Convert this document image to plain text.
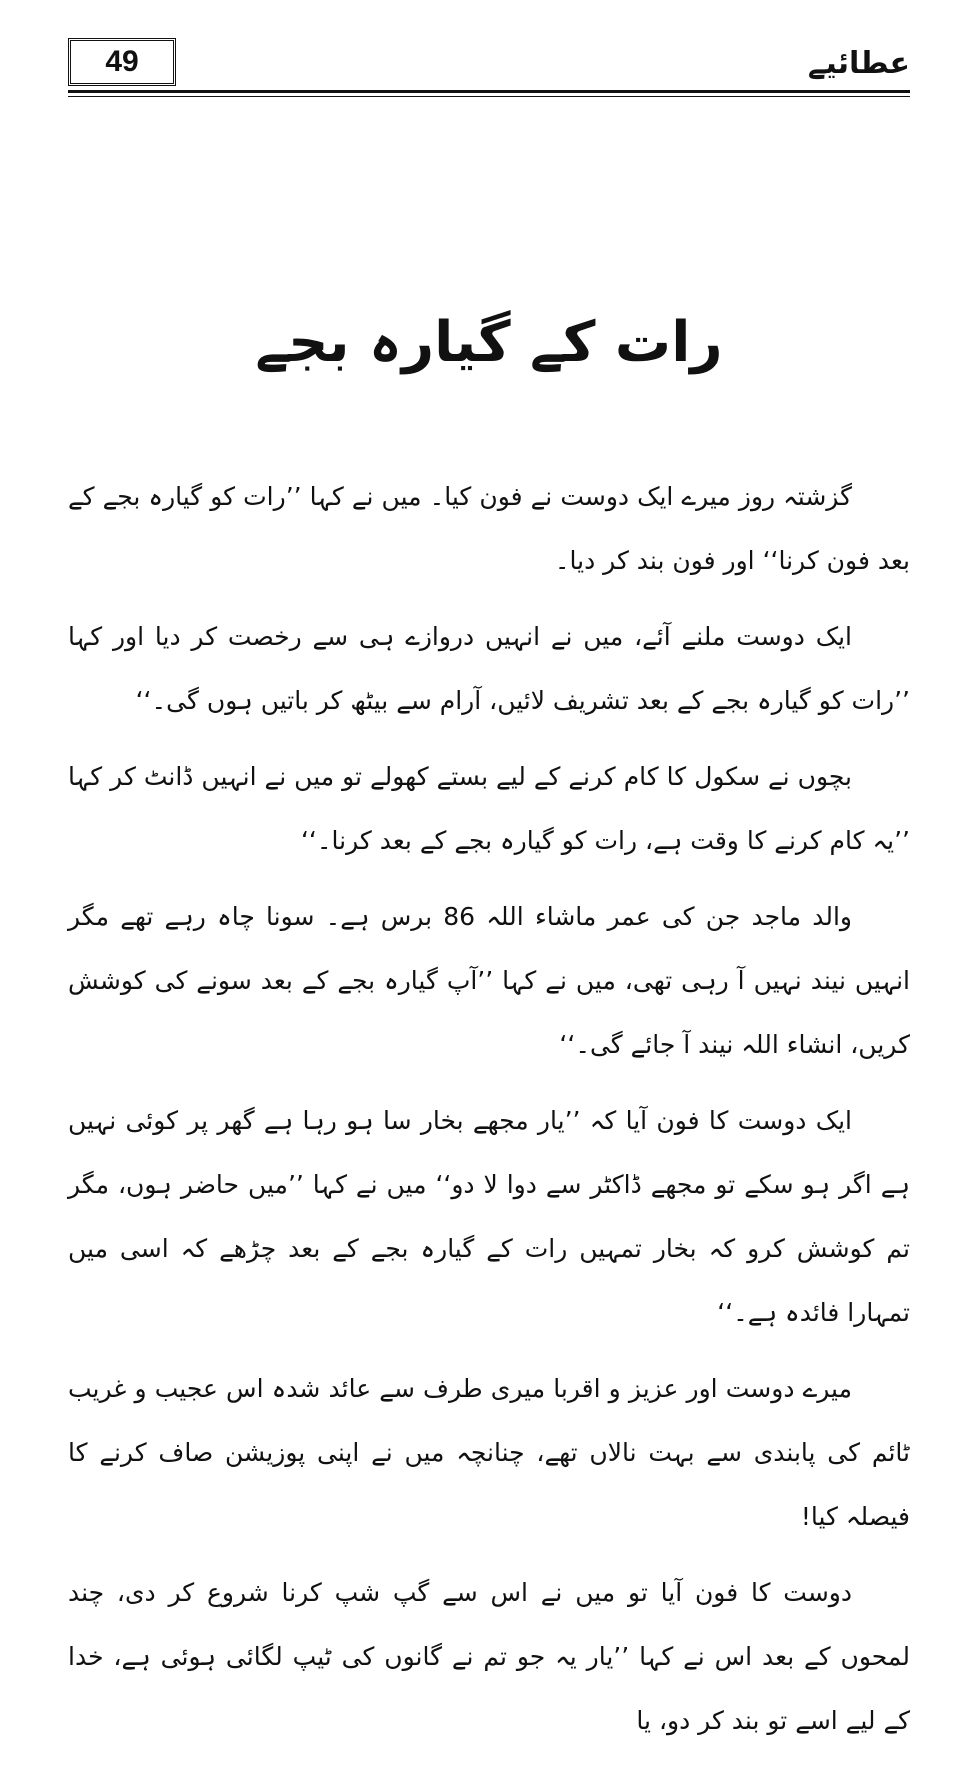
49	عطائیے
رات کے گیارہ بجے

گزشتہ روز میرے ایک دوست نے فون کیا۔ میں نے کہا ’’رات کو گیارہ بجے کے بعد فون کرنا‘‘ اور فون بند کر دیا۔

ایک دوست ملنے آئے، میں نے انہیں دروازے ہی سے رخصت کر دیا اور کہا ’’رات کو گیارہ بجے کے بعد تشریف لائیں، آرام سے بیٹھ کر باتیں ہوں گی۔‘‘

بچوں نے سکول کا کام کرنے کے لیے بستے کھولے تو میں نے انہیں ڈانٹ کر کہا ’’یہ کام کرنے کا وقت ہے، رات کو گیارہ بجے کے بعد کرنا۔‘‘

والد ماجد جن کی عمر ماشاء اللہ 86 برس ہے۔ سونا چاہ رہے تھے مگر انہیں نیند نہیں آ رہی تھی، میں نے کہا ’’آپ گیارہ بجے کے بعد سونے کی کوشش کریں، انشاء اللہ نیند آ جائے گی۔‘‘

ایک دوست کا فون آیا کہ ’’یار مجھے بخار سا ہو رہا ہے گھر پر کوئی نہیں ہے اگر ہو سکے تو مجھے ڈاکٹر سے دوا لا دو‘‘ میں نے کہا ’’میں حاضر ہوں، مگر تم کوشش کرو کہ بخار تمہیں رات کے گیارہ بجے کے بعد چڑھے کہ اسی میں تمہارا فائدہ ہے۔‘‘

میرے دوست اور عزیز و اقربا میری طرف سے عائد شدہ اس عجیب و غریب ٹائم کی پابندی سے بہت نالاں تھے، چنانچہ میں نے اپنی پوزیشن صاف کرنے کا فیصلہ کیا!

دوست کا فون آیا تو میں نے اس سے گپ شپ کرنا شروع کر دی، چند لمحوں کے بعد اس نے کہا ’’یار یہ جو تم نے گانوں کی ٹیپ لگائی ہوئی ہے، خدا کے لیے اسے تو بند کر دو، یا
